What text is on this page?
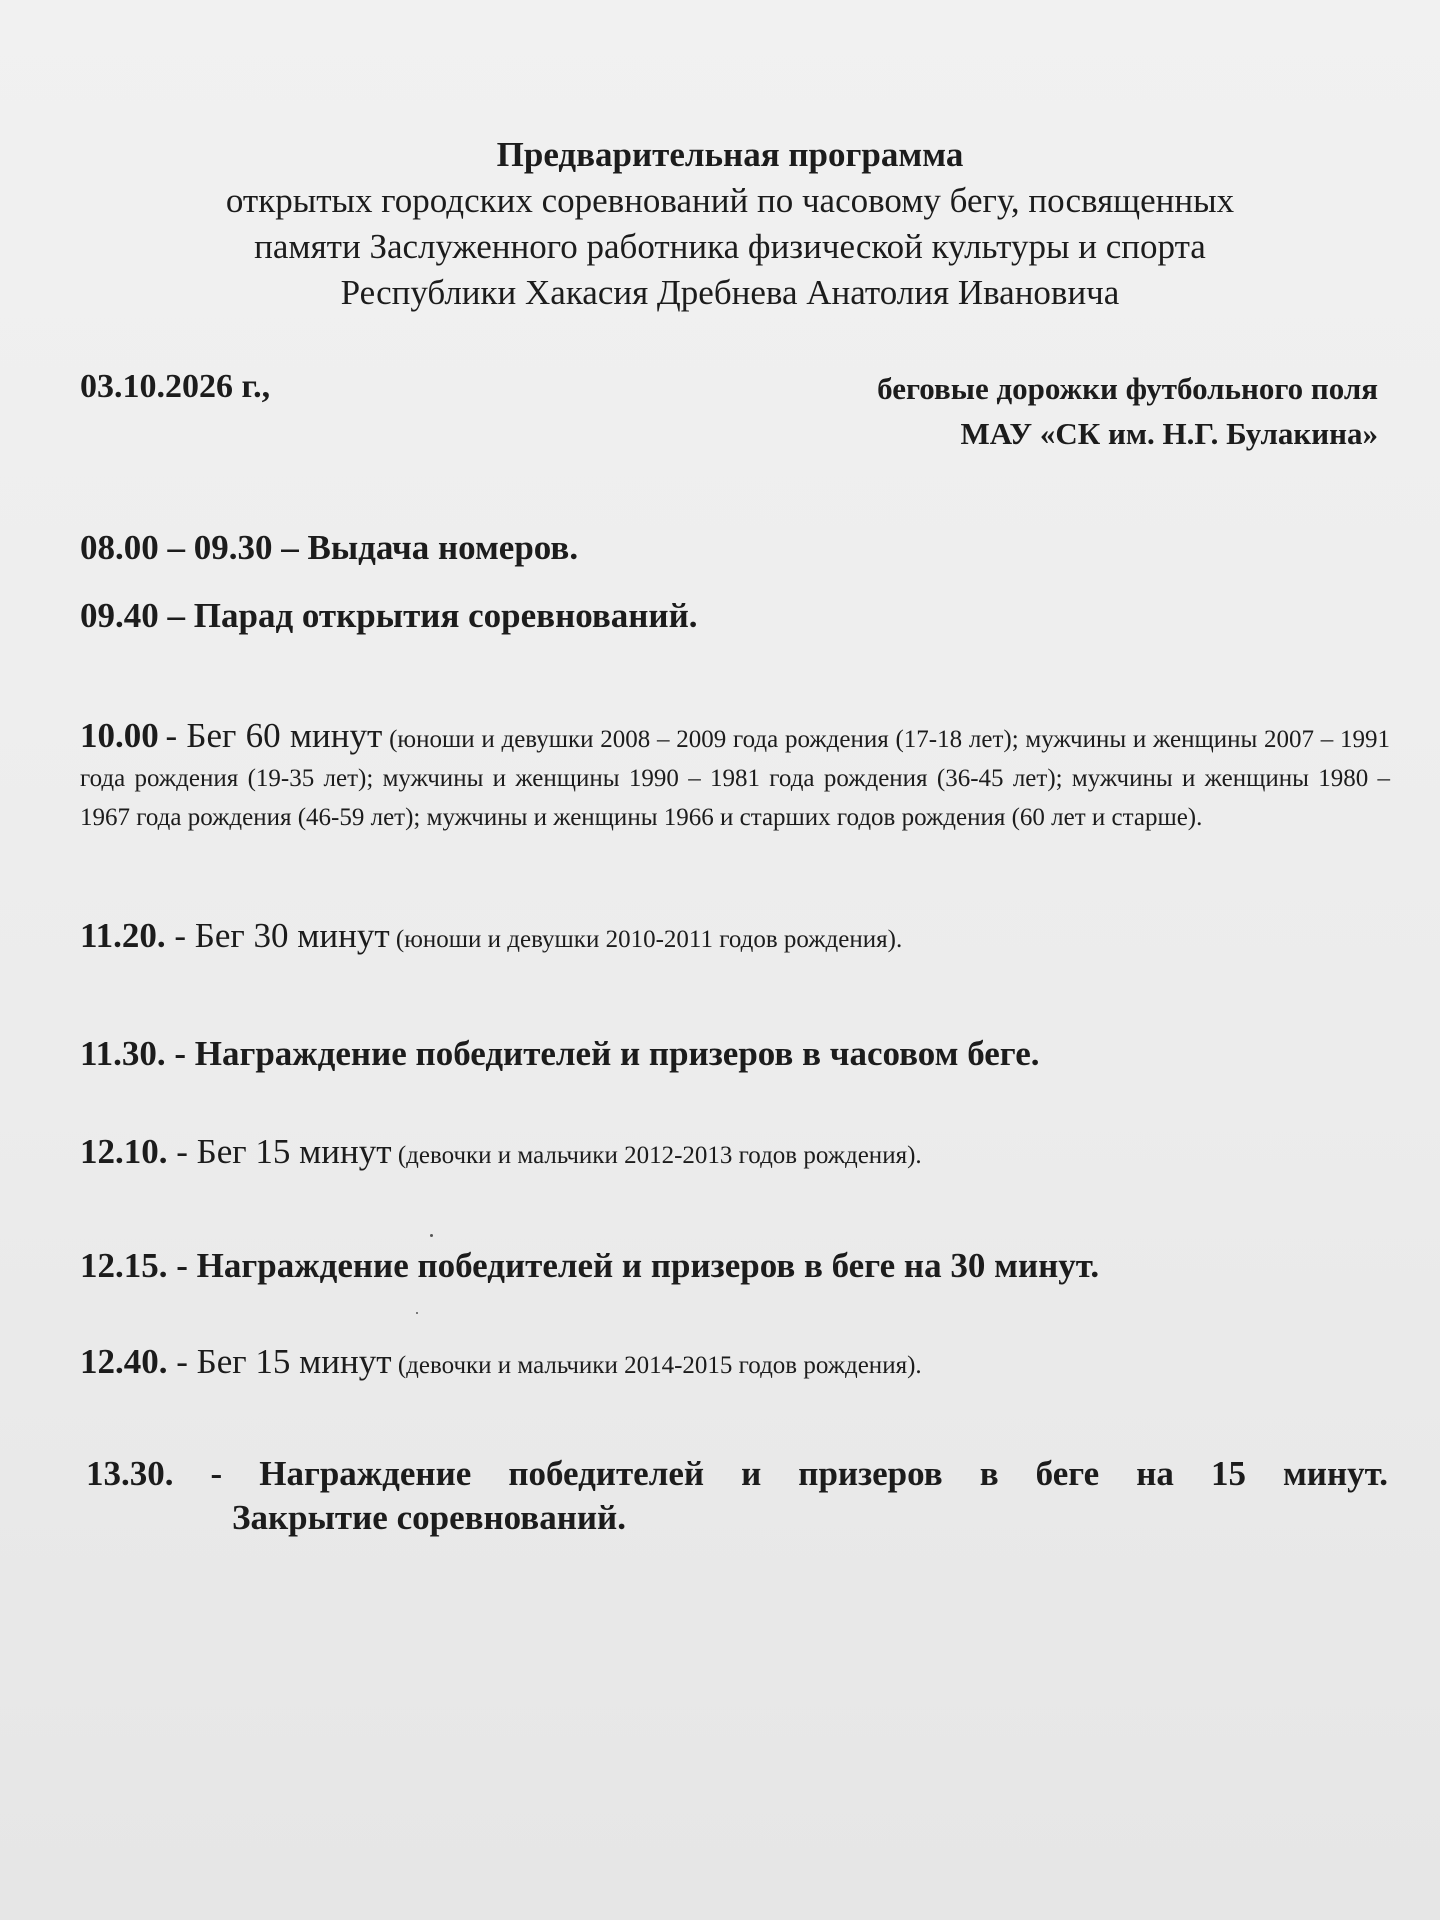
Предварительная программа
открытых городских соревнований по часовому бегу, посвященных
памяти Заслуженного работника физической культуры и спорта
Республики Хакасия Дребнева Анатолия Ивановича
03.10.2026 г.,	беговые дорожки футбольного поля
МАУ «СК им. Н.Г. Булакина»
08.00 – 09.30 – Выдача номеров.
09.40 – Парад открытия соревнований.
10.00 - Бег 60 минут (юноши и девушки 2008 – 2009 года рождения (17-18 лет); мужчины и женщины 2007 – 1991 года рождения (19-35 лет); мужчины и женщины 1990 – 1981 года рождения (36-45 лет); мужчины и женщины 1980 – 1967 года рождения (46-59 лет); мужчины и женщины 1966 и старших годов рождения (60 лет и старше).
11.20. - Бег 30 минут (юноши и девушки 2010-2011 годов рождения).
11.30. - Награждение победителей и призеров в часовом беге.
12.10. - Бег 15 минут (девочки и мальчики 2012-2013 годов рождения).
12.15. - Награждение победителей и призеров в беге на 30 минут.
12.40. - Бег 15 минут (девочки и мальчики 2014-2015 годов рождения).
13.30. - Награждение победителей и призеров в беге на 15 минут.
Закрытие соревнований.
